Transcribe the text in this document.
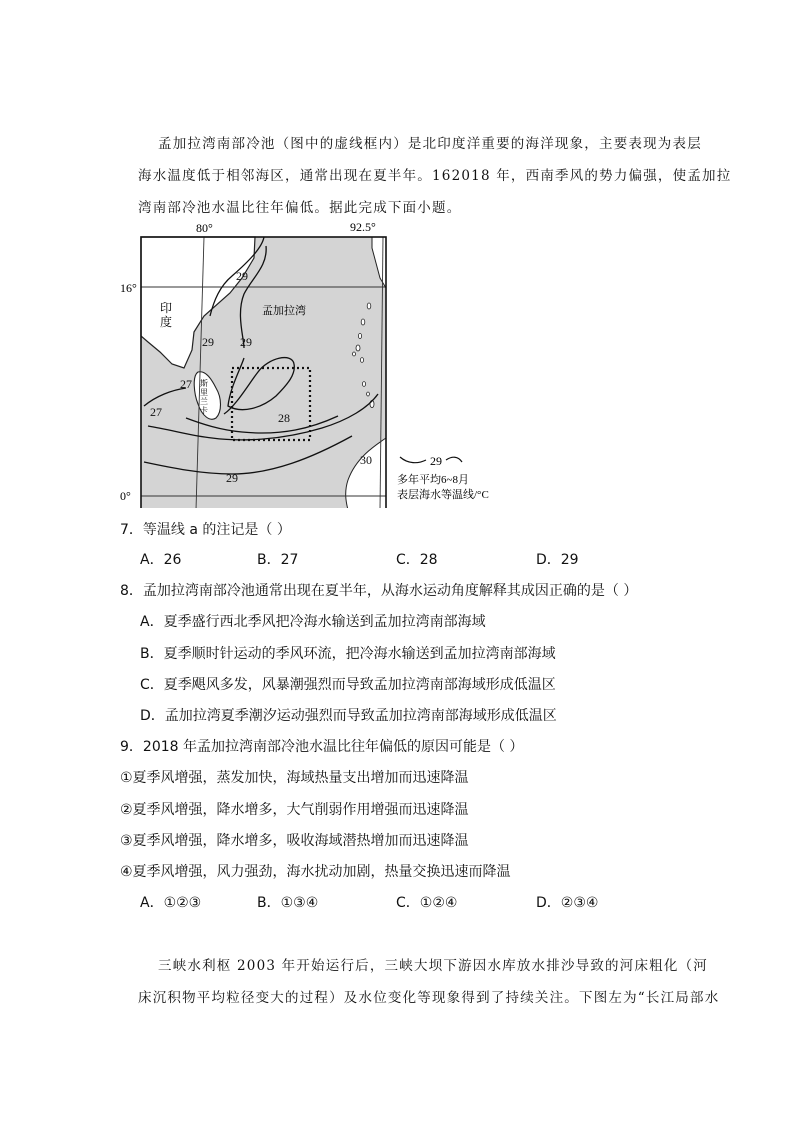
孟加拉湾南部冷池（图中的虚线框内）是北印度洋重要的海洋现象，主要表现为表层
海水温度低于相邻海区，通常出现在夏半年。162018 年，西南季风的势力偏强，使孟加拉
湾南部冷池水温比往年偏低。据此完成下面小题。
80°	92.5°
16°
0°
印
度
孟加拉湾
斯
里
兰
卡
29
29 29
27
27	28
29
30	29
多年平均6~8月
表层海水等温线/°C
7．等温线 a 的注记是（ ）
A．26	B．27	C．28	D．29
8．孟加拉湾南部冷池通常出现在夏半年，从海水运动角度解释其成因正确的是（ ）
A．夏季盛行西北季风把冷海水输送到孟加拉湾南部海域
B．夏季顺时针运动的季风环流，把冷海水输送到孟加拉湾南部海域
C．夏季飓风多发，风暴潮强烈而导致孟加拉湾南部海域形成低温区
D．孟加拉湾夏季潮汐运动强烈而导致孟加拉湾南部海域形成低温区
9．2018 年孟加拉湾南部冷池水温比往年偏低的原因可能是（ ）
①夏季风增强，蒸发加快，海域热量支出增加而迅速降温
②夏季风增强，降水增多，大气削弱作用增强而迅速降温
③夏季风增强，降水增多，吸收海域潜热增加而迅速降温
④夏季风增强，风力强劲，海水扰动加剧，热量交换迅速而降温
A．①②③	B．①③④	C．①②④	D．②③④
三峡水利枢 2003 年开始运行后，三峡大坝下游因水库放水排沙导致的河床粗化（河
床沉积物平均粒径变大的过程）及水位变化等现象得到了持续关注。下图左为“长江局部水
